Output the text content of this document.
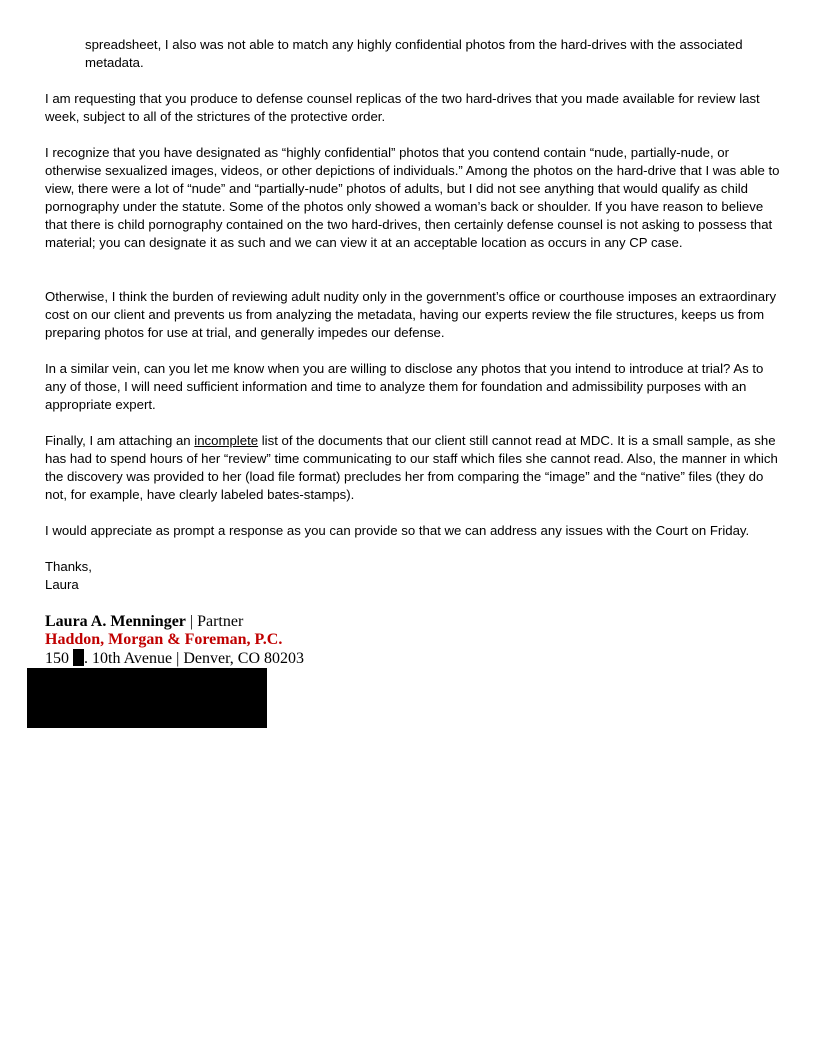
spreadsheet, I also was not able to match any highly confidential photos from the hard-drives with the associated metadata.

I am requesting that you produce to defense counsel replicas of the two hard-drives that you made available for review last week, subject to all of the strictures of the protective order.

I recognize that you have designated as “highly confidential” photos that you contend contain “nude, partially-nude, or otherwise sexualized images, videos, or other depictions of individuals.” Among the photos on the hard-drive that I was able to view, there were a lot of “nude” and “partially-nude” photos of adults, but I did not see anything that would qualify as child pornography under the statute. Some of the photos only showed a woman’s back or shoulder. If you have reason to believe that there is child pornography contained on the two hard-drives, then certainly defense counsel is not asking to possess that material; you can designate it as such and we can view it at an acceptable location as occurs in any CP case.

Otherwise, I think the burden of reviewing adult nudity only in the government’s office or courthouse imposes an extraordinary cost on our client and prevents us from analyzing the metadata, having our experts review the file structures, keeps us from preparing photos for use at trial, and generally impedes our defense.

In a similar vein, can you let me know when you are willing to disclose any photos that you intend to introduce at trial? As to any of those, I will need sufficient information and time to analyze them for foundation and admissibility purposes with an appropriate expert.

Finally, I am attaching an incomplete list of the documents that our client still cannot read at MDC. It is a small sample, as she has had to spend hours of her “review” time communicating to our staff which files she cannot read. Also, the manner in which the discovery was provided to her (load file format) precludes her from comparing the “image” and the “native” files (they do not, for example, have clearly labeled bates-stamps).

I would appreciate as prompt a response as you can provide so that we can address any issues with the Court on Friday.

Thanks,

Laura

Laura A. Menninger | Partner

Haddon, Morgan & Foreman, P.C.

150 . 10th Avenue | Denver, CO 80203
